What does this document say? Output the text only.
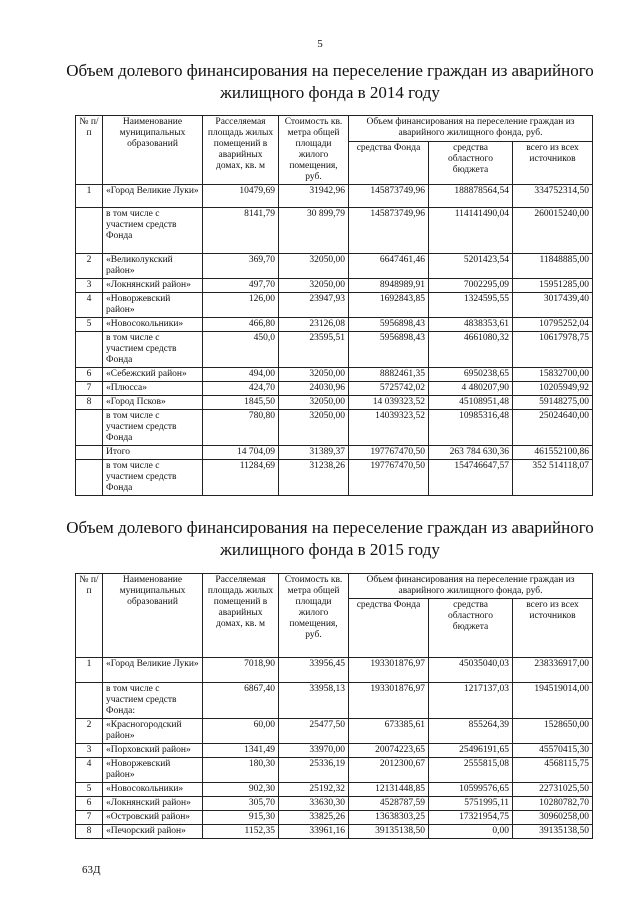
5
Объем долевого финансирования на переселение граждан из аварийного жилищного фонда в 2014 году
№ п/п	Наименование муниципальных образований	Расселяемая площадь жилых помещений в аварийных домах, кв. м	Стоимость кв. метра общей площади жилого помещения, руб.	Объем финансирования на переселение граждан из аварийного жилищного фонда, руб.		
				средства Фонда	средства областного бюджета	всего из всех источников
1	«Город Великие Луки»	10479,69	31942,96	145873749,96	188878564,54	334752314,50
	в том числе с участием средств Фонда	8141,79	30 899,79	145873749,96	114141490,04	260015240,00
2	«Великолукский район»	369,70	32050,00	6647461,46	5201423,54	11848885,00
3	«Локнянский район»	497,70	32050,00	8948989,91	7002295,09	15951285,00
4	«Новоржевский район»	126,00	23947,93	1692843,85	1324595,55	3017439,40
5	«Новосокольники»	466,80	23126,08	5956898,43	4838353,61	10795252,04
	в том числе с участием средств Фонда	450,0	23595,51	5956898,43	4661080,32	10617978,75
6	«Себежский район»	494,00	32050,00	8882461,35	6950238,65	15832700,00
7	«Плюсса»	424,70	24030,96	5725742,02	4 480207,90	10205949,92
8	«Город Псков»	1845,50	32050,00	14 039323,52	45108951,48	59148275,00
	в том числе с участием средств Фонда	780,80	32050,00	14039323,52	10985316,48	25024640,00
	Итого	14 704,09	31389,37	197767470,50	263 784 630,36	461552100,86
	в том числе с участием средств Фонда	11284,69	31238,26	197767470,50	154746647,57	352 514118,07
Объем долевого финансирования на переселение граждан из аварийного жилищного фонда в 2015 году
№ п/п	Наименование муниципальных образований	Расселяемая площадь жилых помещений в аварийных домах, кв. м	Стоимость кв. метра общей площади жилого помещения, руб.	Объем финансирования на переселение граждан из аварийного жилищного фонда, руб.		
				средства Фонда	средства областного бюджета	всего из всех источников
1	«Город Великие Луки»	7018,90	33956,45	193301876,97	45035040,03	238336917,00
	в том числе с участием средств Фонда:	6867,40	33958,13	193301876,97	1217137,03	194519014,00
2	«Красногородский район»	60,00	25477,50	673385,61	855264,39	1528650,00
3	«Порховский район»	1341,49	33970,00	20074223,65	25496191,65	45570415,30
4	«Новоржевский район»	180,30	25336,19	2012300,67	2555815,08	4568115,75
5	«Новосокольники»	902,30	25192,32	12131448,85	10599576,65	22731025,50
6	«Локнянский район»	305,70	33630,30	4528787,59	5751995,11	10280782,70
7	«Островский район»	915,30	33825,26	13638303,25	17321954,75	30960258,00
8	«Печорский район»	1152,35	33961,16	39135138,50	0,00	39135138,50
63Д
